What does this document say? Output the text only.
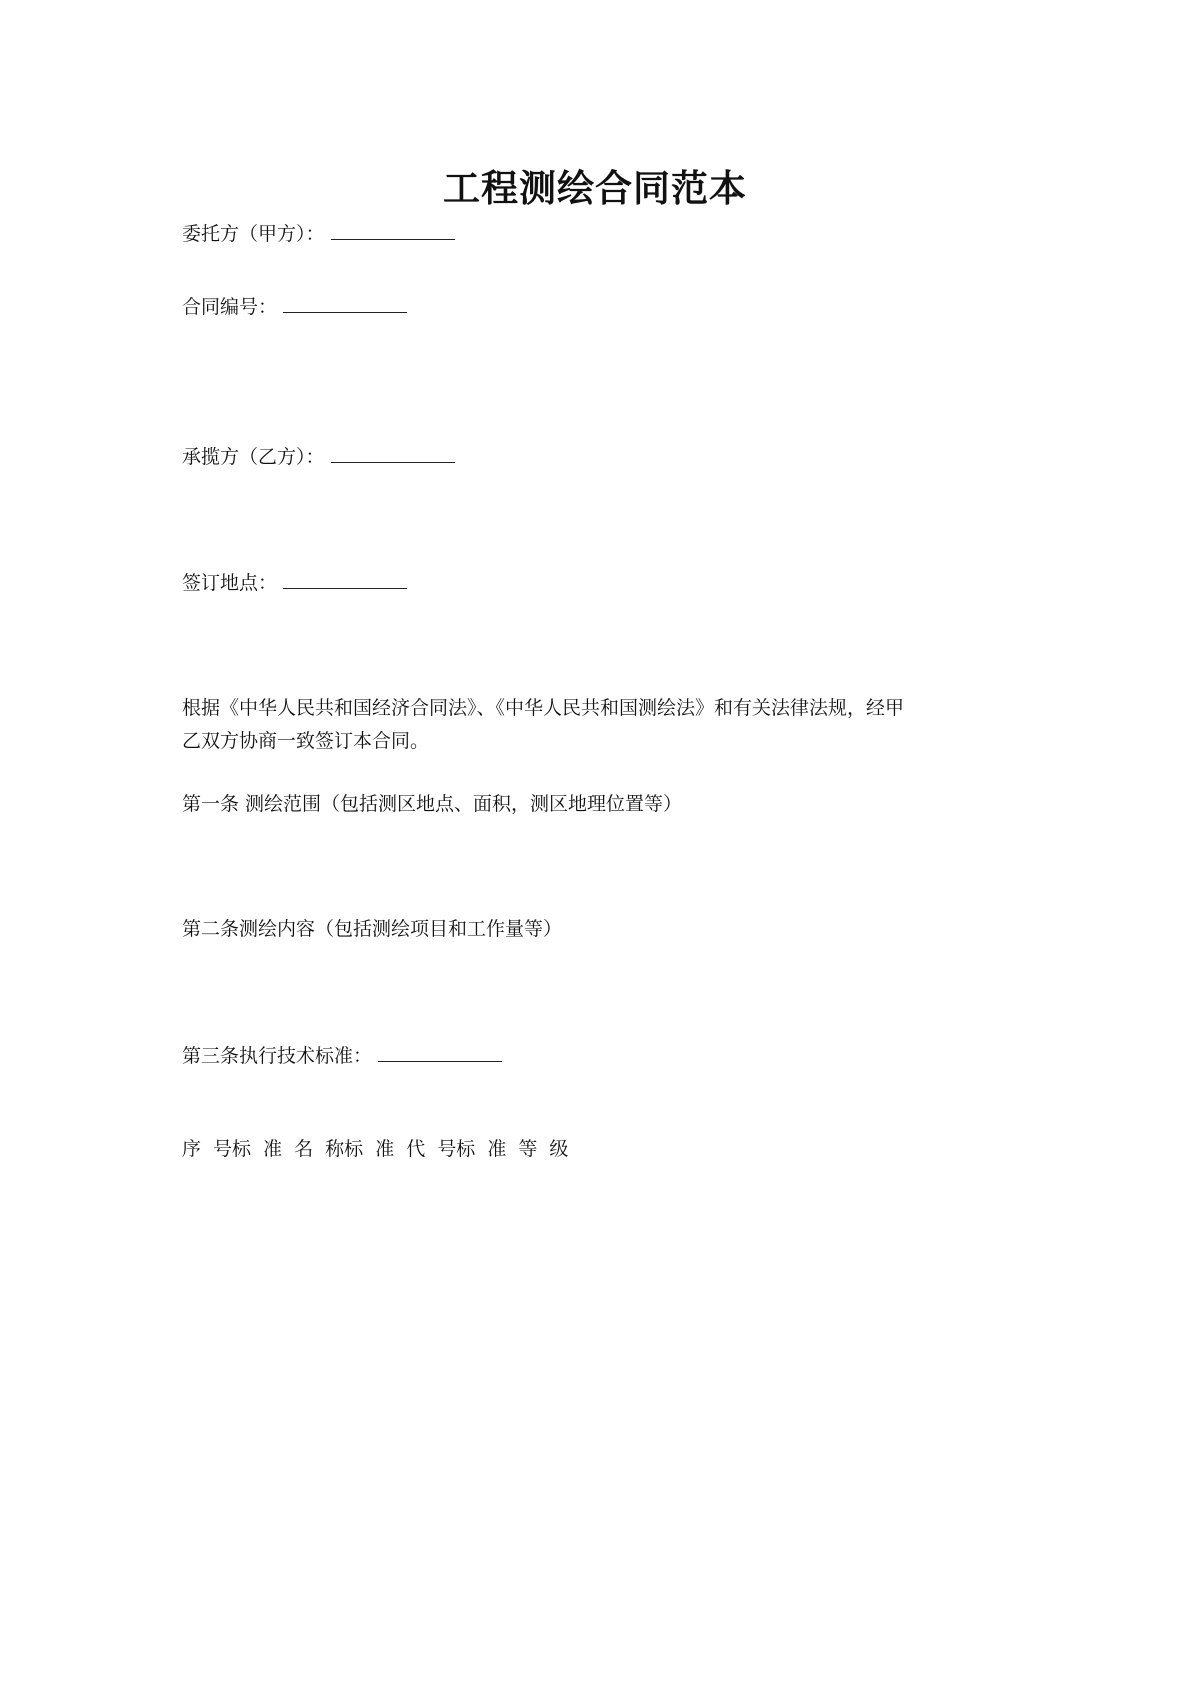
工程测绘合同范本
委托方（甲方）：
合同编号：
承揽方（乙方）：
签订地点：
根据《中华人民共和国经济合同法》、《中华人民共和国测绘法》和有关法律法规，经甲
乙双方协商一致签订本合同。
第一条 测绘范围（包括测区地点、面积，测区地理位置等）
第二条测绘内容（包括测绘项目和工作量等）
第三条执行技术标准：
序 号标 准 名 称标 准 代 号标 准 等 级
